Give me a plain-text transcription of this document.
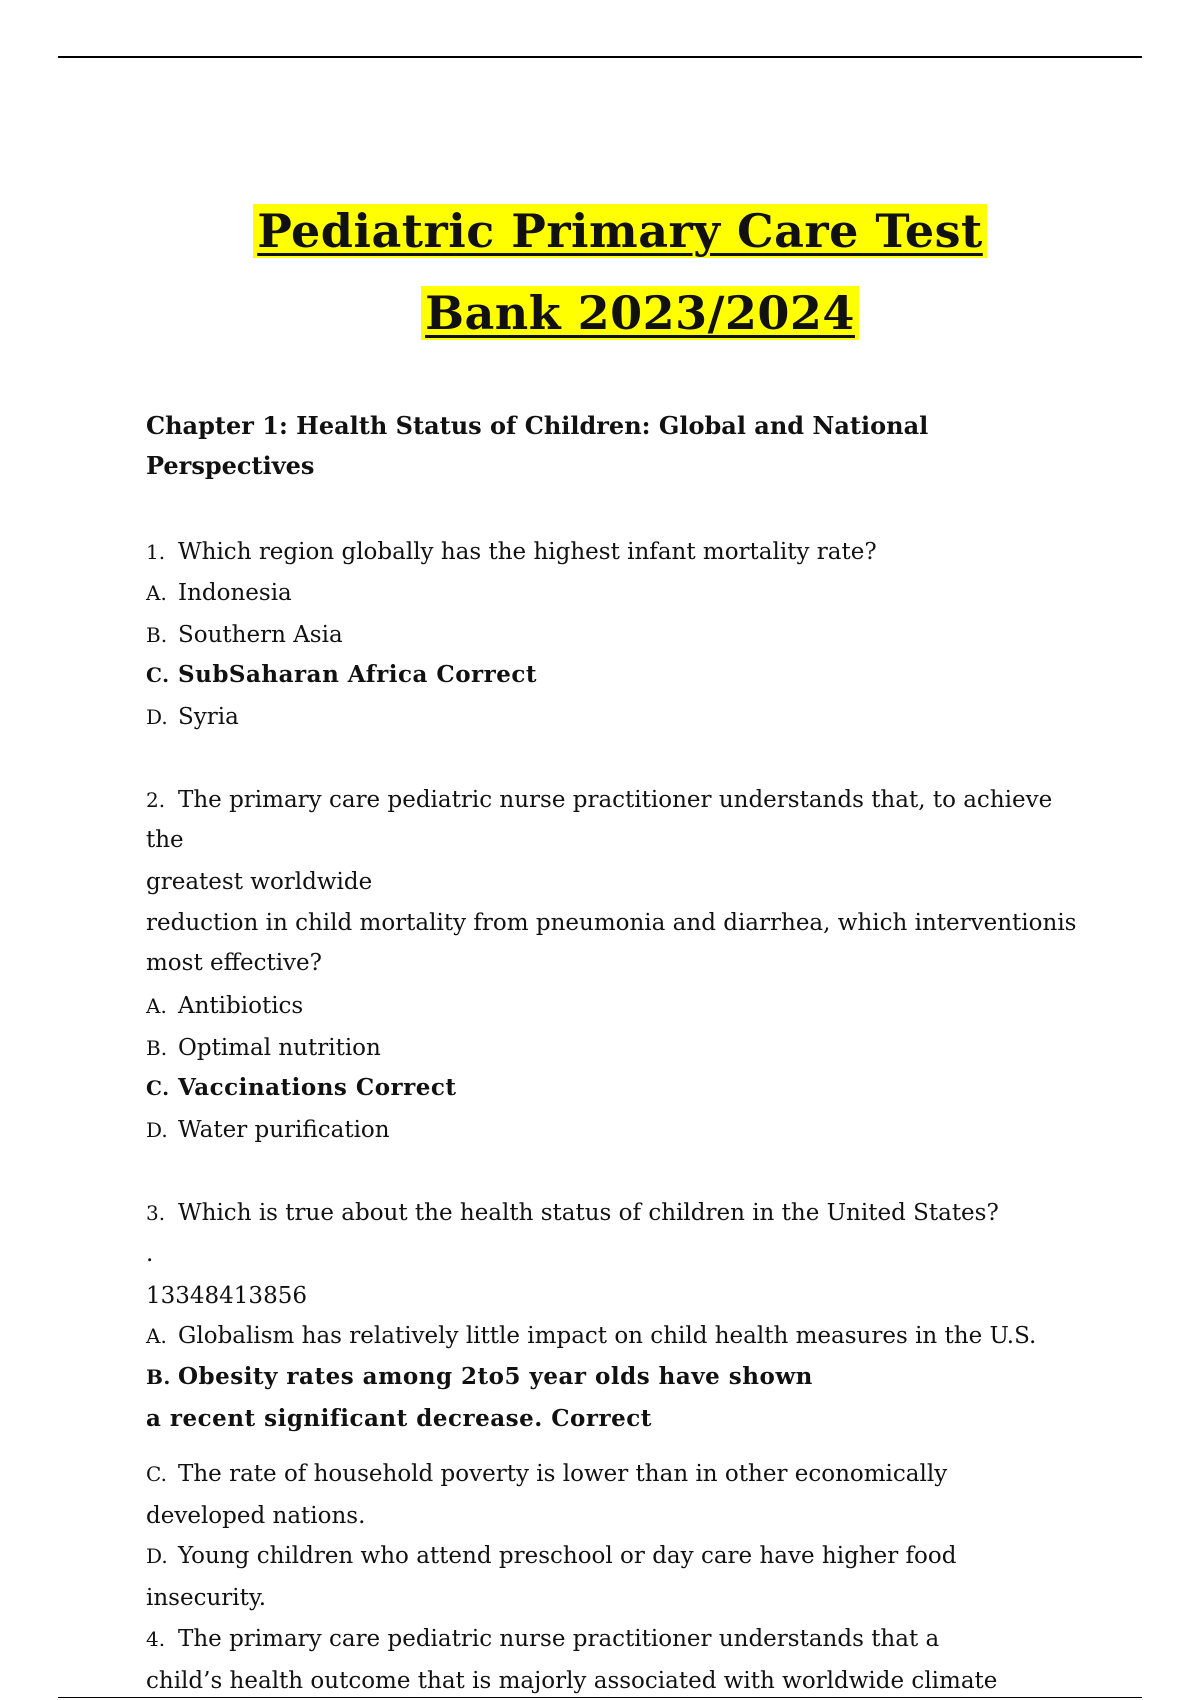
Pediatric Primary Care Test
Bank 2023/2024
Chapter 1: Health Status of Children: Global and National
Perspectives
1. Which region globally has the highest infant mortality rate?
A. Indonesia
B. Southern Asia
C. SubSaharan Africa Correct
D. Syria
2. The primary care pediatric nurse practitioner understands that, to achieve
the
greatest worldwide
reduction in child mortality from pneumonia and diarrhea, which interventionis
most effective?
A. Antibiotics
B. Optimal nutrition
C. Vaccinations Correct
D. Water purification
3. Which is true about the health status of children in the United States?
.
13348413856
A. Globalism has relatively little impact on child health measures in the U.S.
B. Obesity rates among 2to5 year olds have shown
a recent significant decrease. Correct
C. The rate of household poverty is lower than in other economically
developed nations.
D. Young children who attend preschool or day care have higher food
insecurity.
4. The primary care pediatric nurse practitioner understands that a
child’s health outcome that is majorly associated with worldwide climate
